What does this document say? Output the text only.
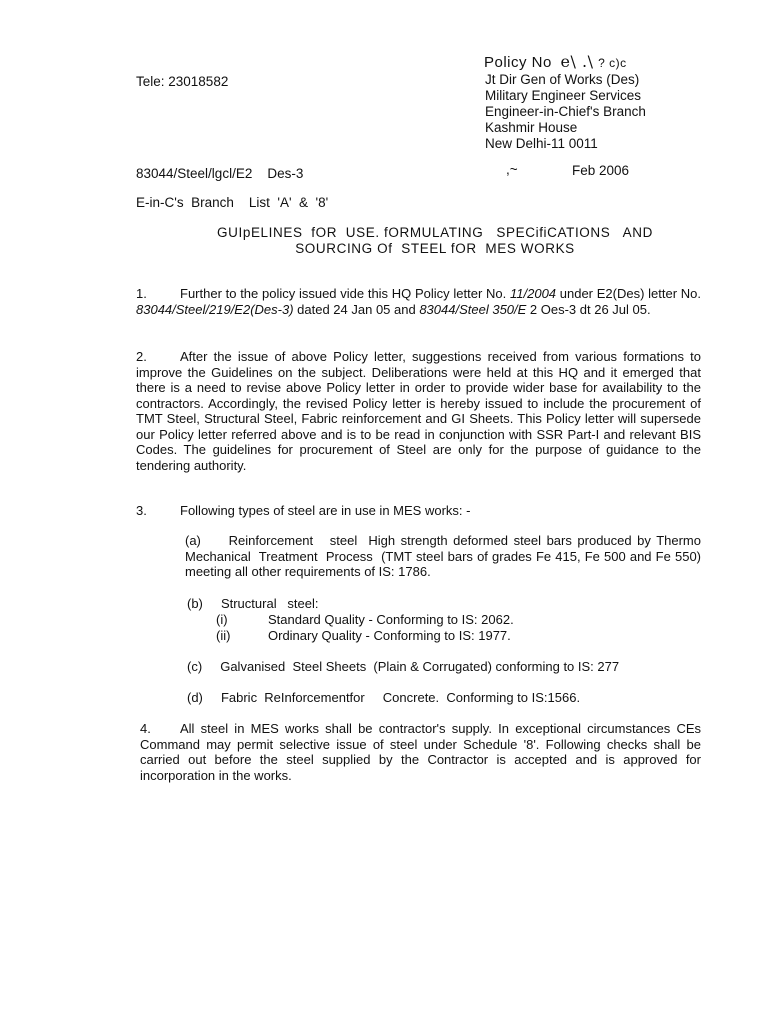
Policy No e\ .\ ? c)c
Tele: 23018582	Jt Dir Gen of Works (Des)
Military Engineer Services
Engineer-in-Chief's Branch
Kashmir House
New Delhi-11 0011
83044/Steel/lgcl/E2    Des-3	,~	Feb 2006
E-in-C's  Branch    List  'A'  &  '8'
GUIpELINES  fOR  USE. fORMULATING   SPECifiCATIONS   AND
SOURCING Of  STEEL fOR  MES WORKS
1.	Further to the policy issued vide this HQ Policy letter No. 11/2004 under E2(Des) letter No. 83044/Steel/219/E2(Des-3) dated 24 Jan 05 and 83044/Steel 350/E 2 Oes-3 dt 26 Jul 05.
2.	After the issue of above Policy letter, suggestions received from various formations to improve the Guidelines on the subject. Deliberations were held at this HQ and it emerged that there is a need to revise above Policy letter in order to provide wider base for availability to the contractors. Accordingly, the revised Policy letter is hereby issued to include the procurement of TMT Steel, Structural Steel, Fabric reinforcement and GI Sheets. This Policy letter will supersede our Policy letter referred above and is to be read in conjunction with SSR Part-I and relevant BIS Codes. The guidelines for procurement of Steel are only for the purpose of guidance to the tendering authority.
3.	Following types of steel are in use in MES works: -
(a)     Reinforcement   steel  High strength deformed steel bars produced by Thermo  Mechanical  Treatment  Process  (TMT steel bars of grades Fe 415, Fe 500 and Fe 550) meeting all other requirements of IS: 1786.
(b)     Structural   steel:
(i)	Standard Quality - Conforming to IS: 2062.
(ii)	Ordinary Quality - Conforming to IS: 1977.
(c)     Galvanised  Steel Sheets  (Plain & Corrugated) conforming to IS: 277
(d)     Fabric  ReInforcementfor     Concrete.  Conforming to IS:1566.
4. All steel in MES works shall be contractor's supply. In exceptional circumstances CEs Command may permit selective issue of steel under Schedule '8'. Following checks shall be carried out before the steel supplied by the Contractor is accepted and is approved for incorporation in the works.
